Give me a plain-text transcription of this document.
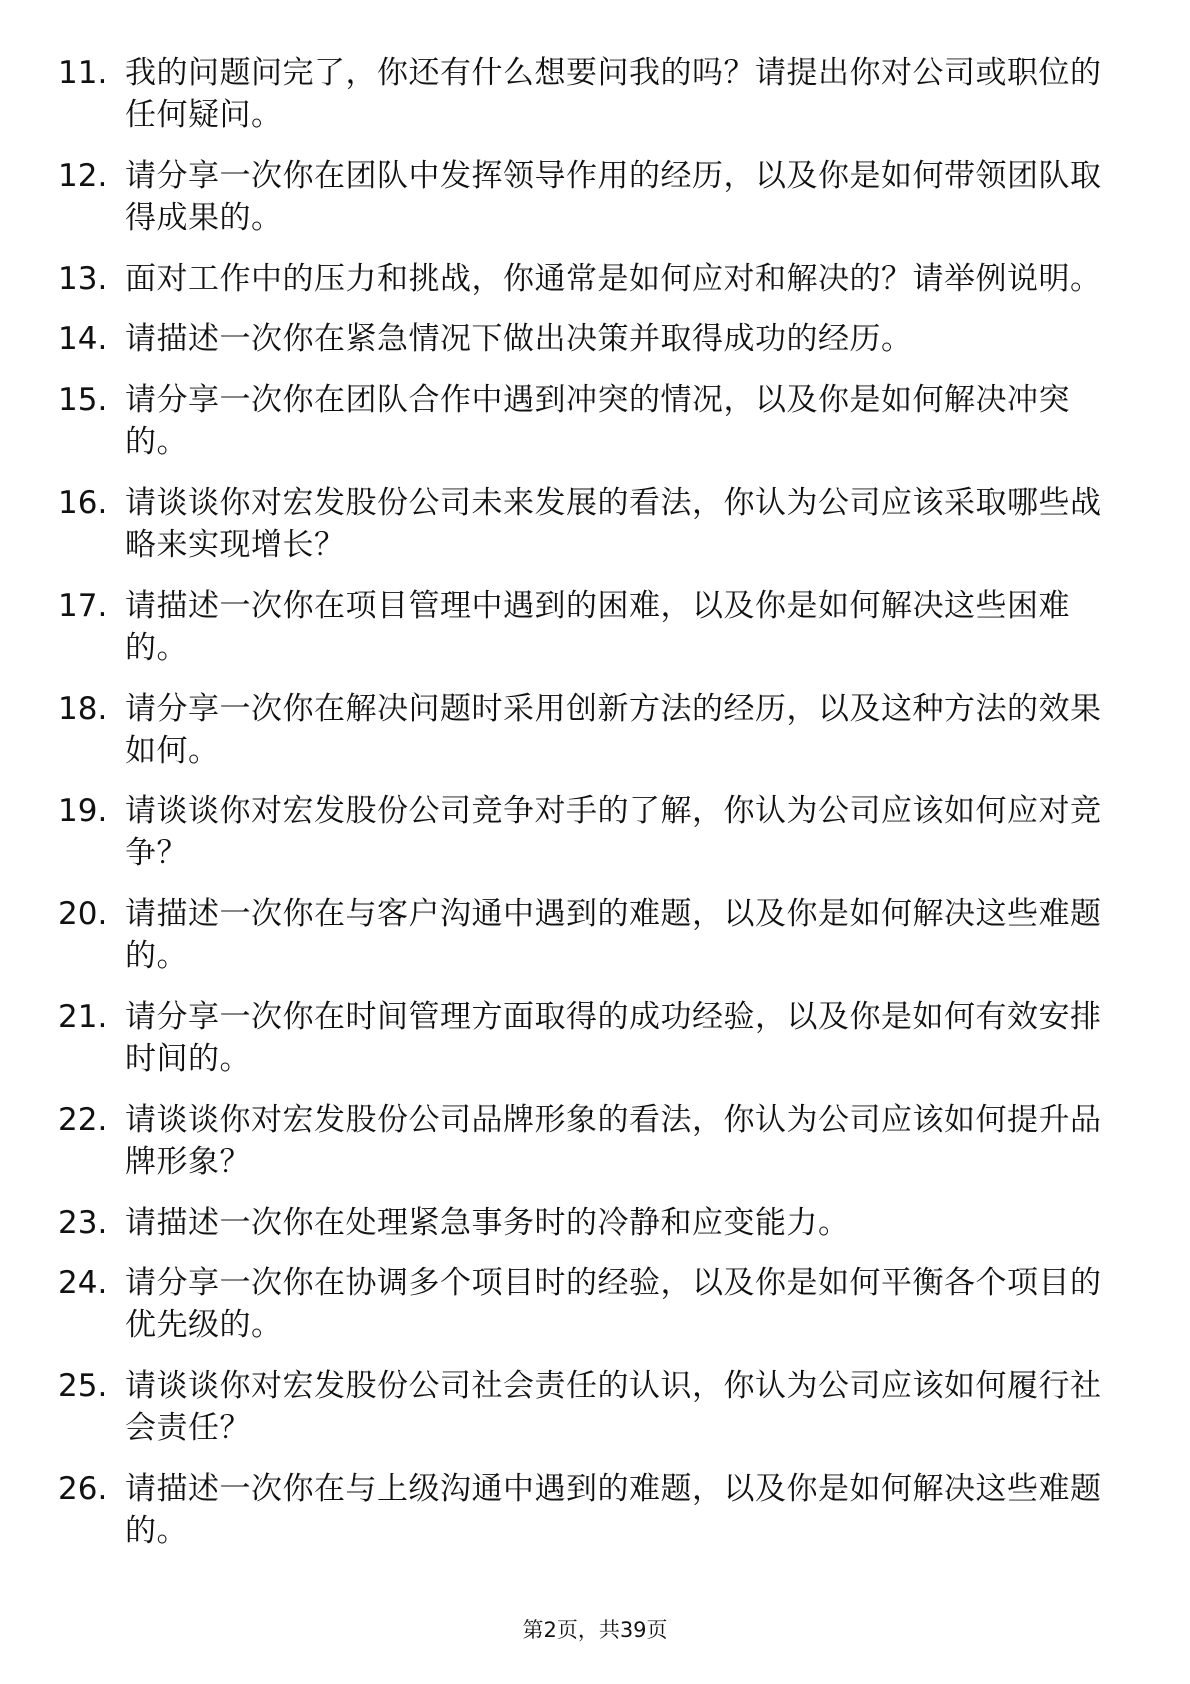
11. 我的问题问完了，你还有什么想要问我的吗？请提出你对公司或职位的任何疑问。
12. 请分享一次你在团队中发挥领导作用的经历，以及你是如何带领团队取得成果的。
13. 面对工作中的压力和挑战，你通常是如何应对和解决的？请举例说明。
14. 请描述一次你在紧急情况下做出决策并取得成功的经历。
15. 请分享一次你在团队合作中遇到冲突的情况，以及你是如何解决冲突的。
16. 请谈谈你对宏发股份公司未来发展的看法，你认为公司应该采取哪些战略来实现增长？
17. 请描述一次你在项目管理中遇到的困难，以及你是如何解决这些困难的。
18. 请分享一次你在解决问题时采用创新方法的经历，以及这种方法的效果如何。
19. 请谈谈你对宏发股份公司竞争对手的了解，你认为公司应该如何应对竞争？
20. 请描述一次你在与客户沟通中遇到的难题，以及你是如何解决这些难题的。
21. 请分享一次你在时间管理方面取得的成功经验，以及你是如何有效安排时间的。
22. 请谈谈你对宏发股份公司品牌形象的看法，你认为公司应该如何提升品牌形象？
23. 请描述一次你在处理紧急事务时的冷静和应变能力。
24. 请分享一次你在协调多个项目时的经验，以及你是如何平衡各个项目的优先级的。
25. 请谈谈你对宏发股份公司社会责任的认识，你认为公司应该如何履行社会责任？
26. 请描述一次你在与上级沟通中遇到的难题，以及你是如何解决这些难题的。
第2页，共39页
